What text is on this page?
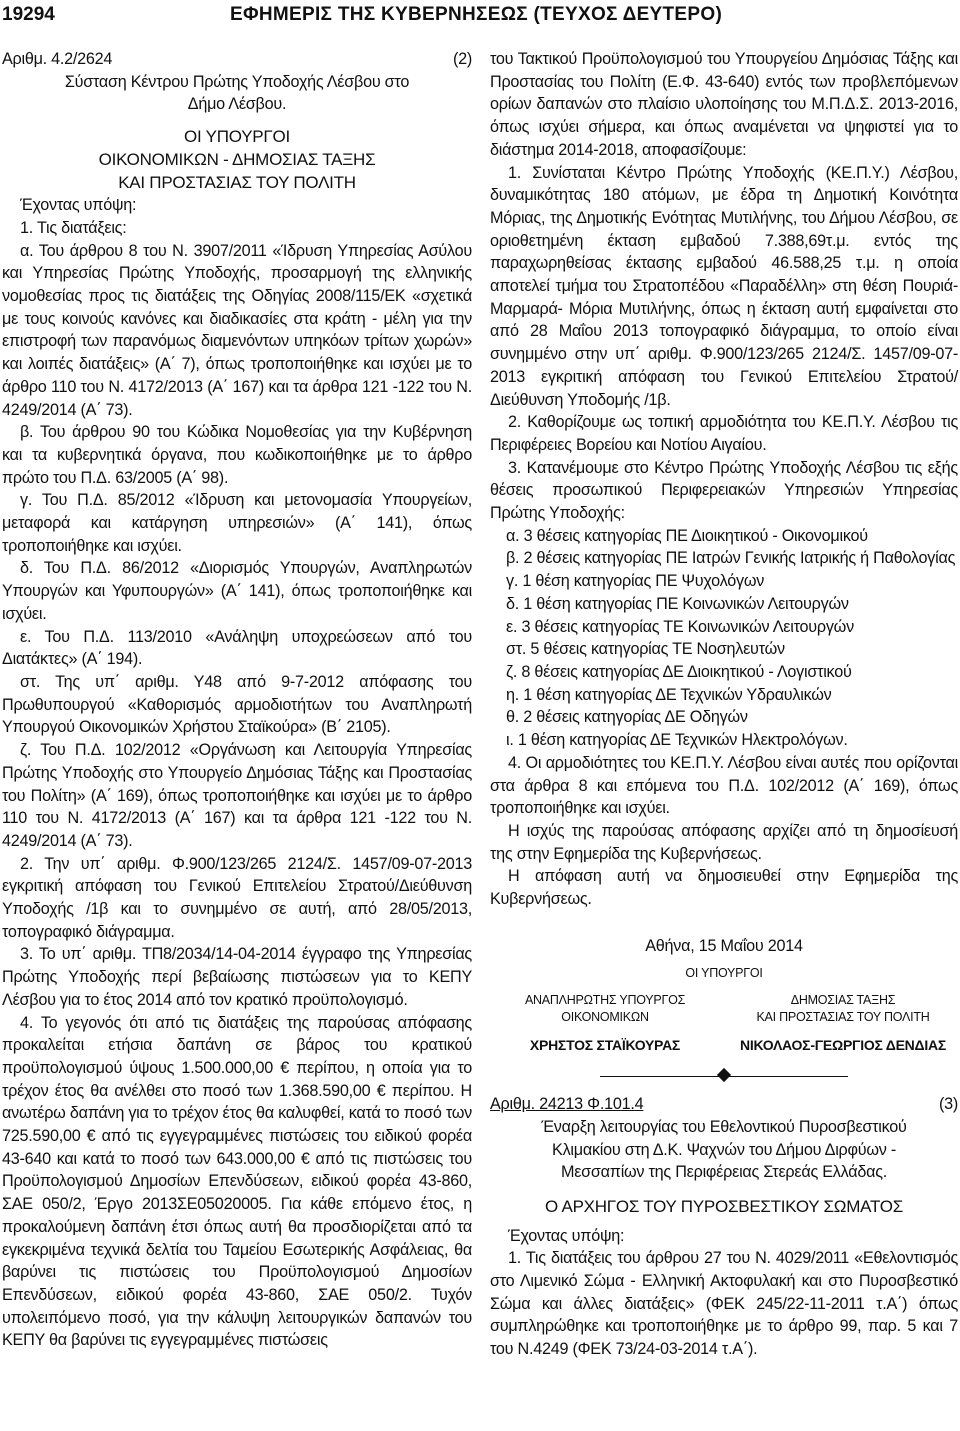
19294	ΕΦΗΜΕΡΙΣ ΤΗΣ ΚΥΒΕΡΝΗΣΕΩΣ (ΤΕΥΧΟΣ ΔΕΥΤΕΡΟ)
Αριθμ. 4.2/2624	(2)

Σύσταση Κέντρου Πρώτης Υποδοχής Λέσβου στο

Δήμο Λέσβου.

ΟΙ ΥΠΟΥΡΓΟΙ

ΟΙΚΟΝΟΜΙΚΩΝ - ΔΗΜΟΣΙΑΣ ΤΑΞΗΣ

ΚΑΙ ΠΡΟΣΤΑΣΙΑΣ ΤΟΥ ΠΟΛΙΤΗ

Έχοντας υπόψη:

1. Τις διατάξεις:

α. Του άρθρου 8 του Ν. 3907/2011 «Ίδρυση Υπηρεσίας Ασύλου και Υπηρεσίας Πρώτης Υποδοχής, προσαρμογή της ελληνικής νομοθεσίας προς τις διατάξεις της Οδηγίας 2008/115/ΕΚ «σχετικά με τους κοινούς κανόνες και διαδικασίες στα κράτη - μέλη για την επιστροφή των παρανόμως διαμενόντων υπηκόων τρίτων χωρών» και λοιπές διατάξεις» (Α΄ 7), όπως τροποποιήθηκε και ισχύει με το άρθρο 110 του Ν. 4172/2013 (Α΄ 167) και τα άρθρα 121 -122 του Ν. 4249/2014 (Α΄ 73).

β. Του άρθρου 90 του Κώδικα Νομοθεσίας για την Κυβέρνηση και τα κυβερνητικά όργανα, που κωδικοποιήθηκε με το άρθρο πρώτο του Π.Δ. 63/2005 (Α΄ 98).

γ. Του Π.Δ. 85/2012 «Ίδρυση και μετονομασία Υπουργείων, μεταφορά και κατάργηση υπηρεσιών» (Α΄ 141), όπως τροποποιήθηκε και ισχύει.

δ. Του Π.Δ. 86/2012 «Διορισμός Υπουργών, Αναπληρωτών Υπουργών και Υφυπουργών» (Α΄ 141), όπως τροποποιήθηκε και ισχύει.

ε. Του Π.Δ. 113/2010 «Ανάληψη υποχρεώσεων από του Διατάκτες» (Α΄ 194).

στ. Της υπ΄ αριθμ. Υ48 από 9-7-2012 απόφασης του Πρωθυπουργού «Καθορισμός αρμοδιοτήτων του Αναπληρωτή Υπουργού Οικονομικών Χρήστου Σταϊκούρα» (Β΄ 2105).

ζ. Του Π.Δ. 102/2012 «Οργάνωση και Λειτουργία Υπηρεσίας Πρώτης Υποδοχής στο Υπουργείο Δημόσιας Τάξης και Προστασίας του Πολίτη» (Α΄ 169), όπως τροποποιήθηκε και ισχύει με το άρθρο 110 του Ν. 4172/2013 (Α΄ 167) και τα άρθρα 121 -122 του Ν. 4249/2014 (Α΄ 73).

2. Την υπ΄ αριθμ. Φ.900/123/265 2124/Σ. 1457/09-07-2013 εγκριτική απόφαση του Γενικού Επιτελείου Στρατού/Διεύθυνση Υποδοχής /1β και το συνημμένο σε αυτή, από 28/05/2013, τοπογραφικό διάγραμμα.

3. Το υπ΄ αριθμ. ΤΠ8/2034/14-04-2014 έγγραφο της Υπηρεσίας Πρώτης Υποδοχής περί βεβαίωσης πιστώσεων για το ΚΕΠΥ Λέσβου για το έτος 2014 από τον κρατικό προϋπολογισμό.

4. Το γεγονός ότι από τις διατάξεις της παρούσας απόφασης προκαλείται ετήσια δαπάνη σε βάρος του κρατικού προϋπολογισμού ύψους 1.500.000,00 € περίπου, η οποία για το τρέχον έτος θα ανέλθει στο ποσό των 1.368.590,00 € περίπου. Η ανωτέρω δαπάνη για το τρέχον έτος θα καλυφθεί, κατά το ποσό των 725.590,00 € από τις εγγεγραμμένες πιστώσεις του ειδικού φορέα 43-640 και κατά το ποσό των 643.000,00 € από τις πιστώσεις του Προϋπολογισμού Δημοσίων Επενδύσεων, ειδικού φορέα 43-860, ΣΑΕ 050/2, Έργο 2013ΣΕ05020005. Για κάθε επόμενο έτος, η προκαλούμενη δαπάνη έτσι όπως αυτή θα προσδιορίζεται από τα εγκεκριμένα τεχνικά δελτία του Ταμείου Εσωτερικής Ασφάλειας, θα βαρύνει τις πιστώσεις του Προϋπολογισμού Δημοσίων Επενδύσεων, ειδικού φορέα 43-860, ΣΑΕ 050/2. Τυχόν υπολειπόμενο ποσό, για την κάλυψη λειτουργικών δαπανών του ΚΕΠΥ θα βαρύνει τις εγγεγραμμένες πιστώσεις

του Τακτικού Προϋπολογισμού του Υπουργείου Δημόσιας Τάξης και Προστασίας του Πολίτη (Ε.Φ. 43-640) εντός των προβλεπόμενων ορίων δαπανών στο πλαίσιο υλοποίησης του Μ.Π.Δ.Σ. 2013-2016, όπως ισχύει σήμερα, και όπως αναμένεται να ψηφιστεί για το διάστημα 2014-2018, αποφασίζουμε:

1. Συνίσταται Κέντρο Πρώτης Υποδοχής (ΚΕ.Π.Υ.) Λέσβου, δυναμικότητας 180 ατόμων, με έδρα τη Δημοτική Κοινότητα Μόριας, της Δημοτικής Ενότητας Μυτιλήνης, του Δήμου Λέσβου, σε οριοθετημένη έκταση εμβαδού 7.388,69τ.μ. εντός της παραχωρηθείσας έκτασης εμβαδού 46.588,25 τ.μ. η οποία αποτελεί τμήμα του Στρατοπέδου «Παραδέλλη» στη θέση Πουριά- Μαρμαρά- Μόρια Μυτιλήνης, όπως η έκταση αυτή εμφαίνεται στο από 28 Μαΐου 2013 τοπογραφικό διάγραμμα, το οποίο είναι συνημμένο στην υπ΄ αριθμ. Φ.900/123/265 2124/Σ. 1457/09-07-2013 εγκριτική απόφαση του Γενικού Επιτελείου Στρατού/Διεύθυνση Υποδομής /1β.

2. Καθορίζουμε ως τοπική αρμοδιότητα του ΚΕ.Π.Υ. Λέσβου τις Περιφέρειες Βορείου και Νοτίου Αιγαίου.

3. Κατανέμουμε στο Κέντρο Πρώτης Υποδοχής Λέσβου τις εξής θέσεις προσωπικού Περιφερειακών Υπηρεσιών Υπηρεσίας Πρώτης Υποδοχής:

α. 3 θέσεις κατηγορίας ΠΕ Διοικητικού - Οικονομικού

β. 2 θέσεις κατηγορίας ΠΕ Ιατρών Γενικής Ιατρικής ή Παθολογίας

γ. 1 θέση κατηγορίας ΠΕ Ψυχολόγων

δ. 1 θέση κατηγορίας ΠΕ Κοινωνικών Λειτουργών

ε. 3 θέσεις κατηγορίας ΤΕ Κοινωνικών Λειτουργών

στ. 5 θέσεις κατηγορίας ΤΕ Νοσηλευτών

ζ. 8 θέσεις κατηγορίας ΔΕ Διοικητικού - Λογιστικού

η. 1 θέση κατηγορίας ΔΕ Τεχνικών Υδραυλικών

θ. 2 θέσεις κατηγορίας ΔΕ Οδηγών

ι. 1 θέση κατηγορίας ΔΕ Τεχνικών Ηλεκτρολόγων.

4. Οι αρμοδιότητες του ΚΕ.Π.Υ. Λέσβου είναι αυτές που ορίζονται στα άρθρα 8 και επόμενα του Π.Δ. 102/2012 (Α΄ 169), όπως τροποποιήθηκε και ισχύει.

Η ισχύς της παρούσας απόφασης αρχίζει από τη δημοσίευσή της στην Εφημερίδα της Κυβερνήσεως.

Η απόφαση αυτή να δημοσιευθεί στην Εφημερίδα της Κυβερνήσεως.

Αθήνα, 15 Μαΐου 2014

ΟΙ ΥΠΟΥΡΓΟΙ

ΑΝΑΠΛΗΡΩΤΗΣ ΥΠΟΥΡΓΟΣ
ΟΙΚΟΝΟΜΙΚΩΝ
ΔΗΜΟΣΙΑΣ ΤΑΞΗΣ
ΚΑΙ ΠΡΟΣΤΑΣΙΑΣ ΤΟΥ ΠΟΛΙΤΗ
ΧΡΗΣΤΟΣ ΣΤΑΪΚΟΥΡΑΣ	ΝΙΚΟΛΑΟΣ-ΓΕΩΡΓΙΟΣ ΔΕΝΔΙΑΣ
Αριθμ. 24213 Φ.101.4	(3)

Έναρξη λειτουργίας του Εθελοντικού Πυροσβεστικού

Κλιμακίου στη Δ.Κ. Ψαχνών του Δήμου Διρφύων -

Μεσσαπίων της Περιφέρειας Στερεάς Ελλάδας.

Ο ΑΡΧΗΓΟΣ ΤΟΥ ΠΥΡΟΣΒΕΣΤΙΚΟΥ ΣΩΜΑΤΟΣ

Έχοντας υπόψη:

1. Τις διατάξεις του άρθρου 27 του Ν. 4029/2011 «Εθελοντισμός στο Λιμενικό Σώμα - Ελληνική Ακτοφυλακή και στο Πυροσβεστικό Σώμα και άλλες διατάξεις» (ΦΕΚ 245/22-11-2011 τ.Α΄) όπως συμπληρώθηκε και τροποποιήθηκε με το άρθρο 99, παρ. 5 και 7 του Ν.4249 (ΦΕΚ 73/24-03-2014 τ.Α΄).
